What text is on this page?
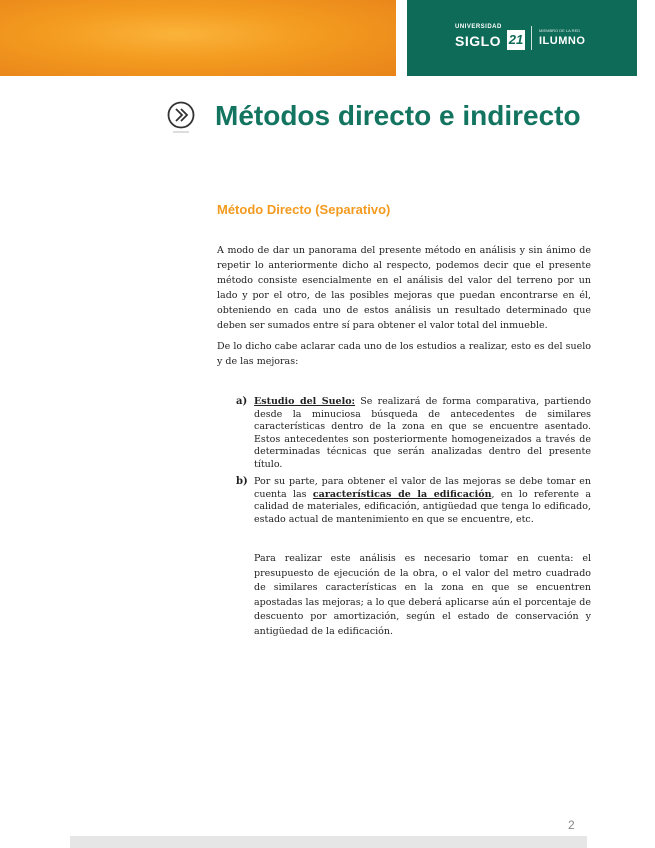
UNIVERSIDAD
SIGLO 21
MIEMBRO DE LA RED
ILUMNO
Métodos directo e indirecto
Método Directo (Separativo)

A modo de dar un panorama del presente método en análisis y sin ánimo de repetir lo anteriormente dicho al respecto, podemos decir que el presente método consiste esencialmente en el análisis del valor del terreno por un lado y por el otro, de las posibles mejoras que puedan encontrarse en él, obteniendo en cada uno de estos análisis un resultado determinado que deben ser sumados entre sí para obtener el valor total del inmueble.

De lo dicho cabe aclarar cada uno de los estudios a realizar, esto es del suelo y de las mejoras:

a) Estudio del Suelo: Se realizará de forma comparativa, partiendo desde la minuciosa búsqueda de antecedentes de similares características dentro de la zona en que se encuentre asentado. Estos antecedentes son posteriormente homogeneizados a través de determinadas técnicas que serán analizadas dentro del presente título.

b) Por su parte, para obtener el valor de las mejoras se debe tomar en cuenta las características de la edificación, en lo referente a calidad de materiales, edificación, antigüedad que tenga lo edificado, estado actual de mantenimiento en que se encuentre, etc.

Para realizar este análisis es necesario tomar en cuenta: el presupuesto de ejecución de la obra, o el valor del metro cuadrado de similares características en la zona en que se encuentren apostadas las mejoras; a lo que deberá aplicarse aún el porcentaje de descuento por amortización, según el estado de conservación y antigüedad de la edificación.

2
